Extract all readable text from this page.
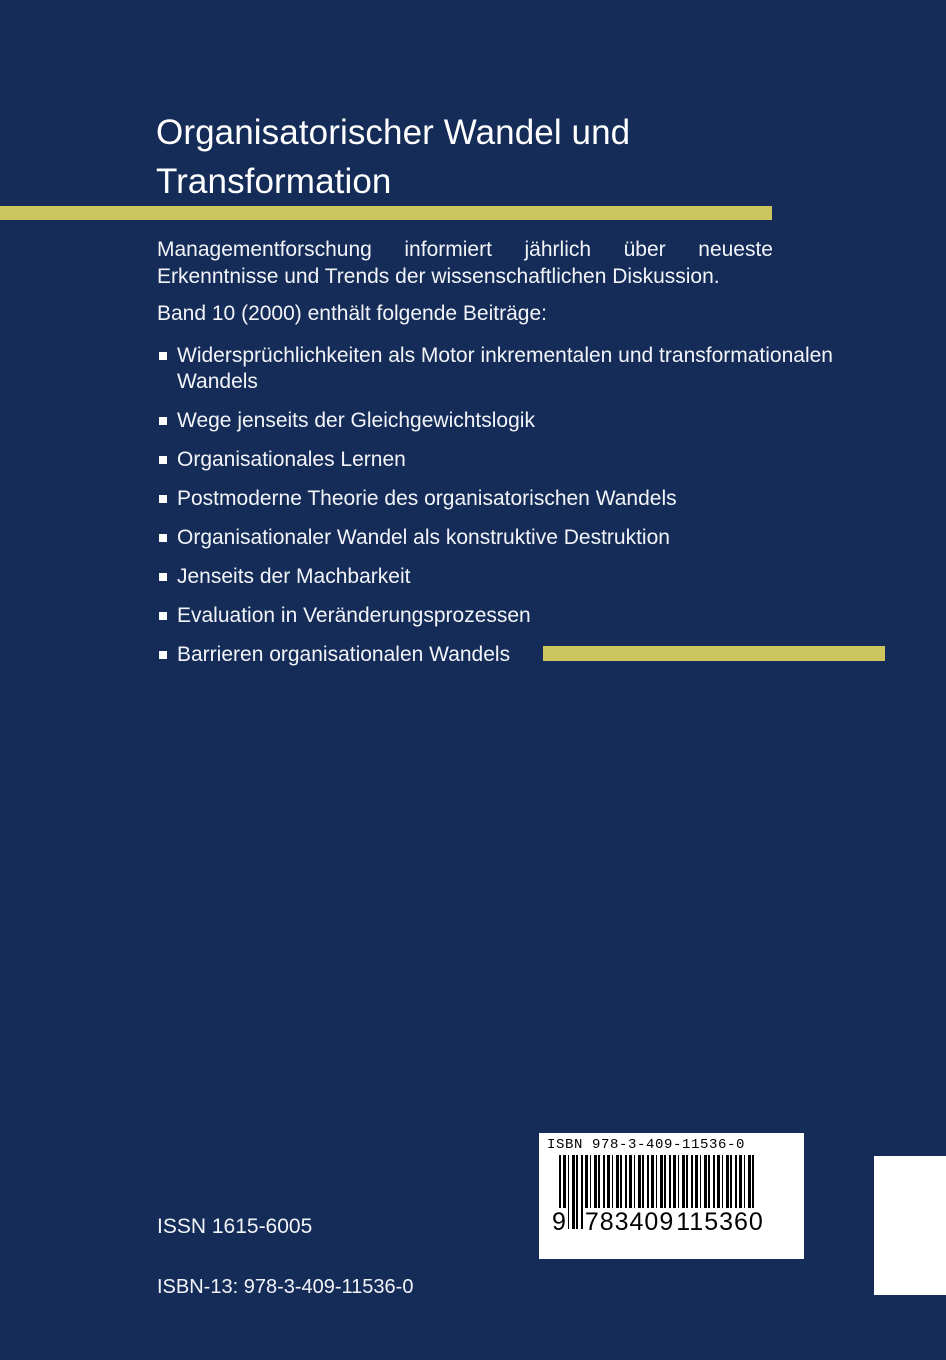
Organisatorischer Wandel und
Transformation
Managementforschung informiert jährlich über neueste Erkenntnisse und Trends der wissenschaftlichen Diskussion.
Band 10 (2000) enthält folgende Beiträge:
Widersprüchlichkeiten als Motor inkrementalen und transformationalen Wandels
Wege jenseits der Gleichgewichtslogik
Organisationales Lernen
Postmoderne Theorie des organisatorischen Wandels
Organisationaler Wandel als konstruktive Destruktion
Jenseits der Machbarkeit
Evaluation in Veränderungsprozessen
Barrieren organisationalen Wandels
ISBN 978-3-409-11536-0
9 783409115360
ISSN 1615-6005
ISBN-13: 978-3-409-11536-0
